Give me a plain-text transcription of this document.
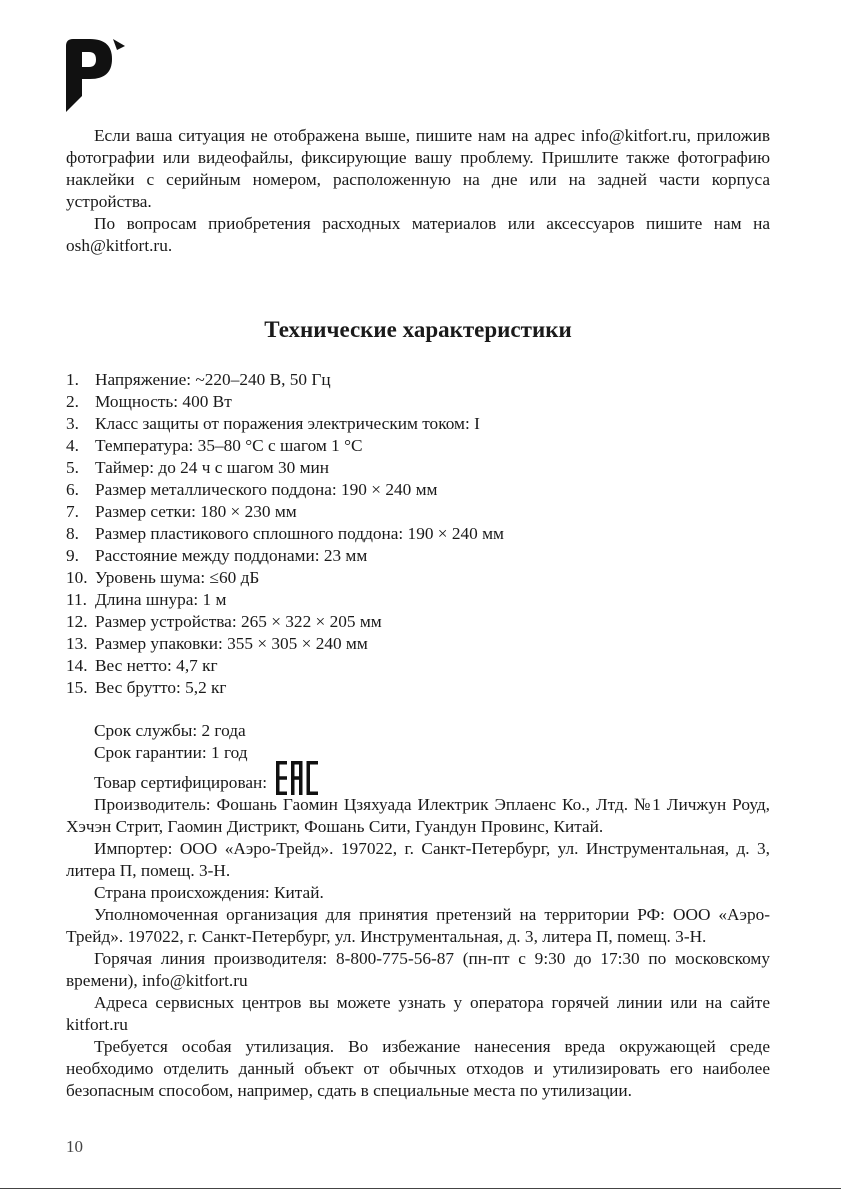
Если ваша ситуация не отображена выше, пишите нам на адрес info@kitfort.ru, приложив фотографии или видеофайлы, фиксирующие вашу проблему. Пришлите также фотографию наклейки с серийным номером, расположенную на дне или на задней части корпуса устройства.

По вопросам приобретения расходных материалов или аксессуаров пишите нам на osh@kitfort.ru.

Технические характеристики
1. Напряжение: ~220–240 В, 50 Гц
2. Мощность: 400 Вт
3. Класс защиты от поражения электрическим током: I
4. Температура: 35–80 °C с шагом 1 °C
5. Таймер: до 24 ч с шагом 30 мин
6. Размер металлического поддона: 190 × 240 мм
7. Размер сетки: 180 × 230 мм
8. Размер пластикового сплошного поддона: 190 × 240 мм
9. Расстояние между поддонами: 23 мм
10. Уровень шума: ≤60 дБ
11. Длина шнура: 1 м
12. Размер устройства: 265 × 322 × 205 мм
13. Размер упаковки: 355 × 305 × 240 мм
14. Вес нетто: 4,7 кг
15. Вес брутто: 5,2 кг

Срок службы: 2 года

Срок гарантии: 1 год

Товар сертифицирован:

Производитель: Фошань Гаомин Цзяхуада Илектрик Эплаенс Ко., Лтд. №1 Личжун Роуд, Хэчэн Стрит, Гаомин Дистрикт, Фошань Сити, Гуандун Провинс, Китай.

Импортер: ООО «Аэро-Трейд». 197022, г. Санкт-Петербург, ул. Инструментальная, д. 3, литера П, помещ. 3-Н.

Страна происхождения: Китай.

Уполномоченная организация для принятия претензий на территории РФ: ООО «Аэро-Трейд». 197022, г. Санкт-Петербург, ул. Инструментальная, д. 3, литера П, помещ. 3-Н.

Горячая линия производителя: 8-800-775-56-87 (пн-пт с 9:30 до 17:30 по московскому времени), info@kitfort.ru

Адреса сервисных центров вы можете узнать у оператора горячей линии или на сайте kitfort.ru

Требуется особая утилизация. Во избежание нанесения вреда окружающей среде необходимо отделить данный объект от обычных отходов и утилизировать его наиболее безопасным способом, например, сдать в специальные места по утилизации.

10
